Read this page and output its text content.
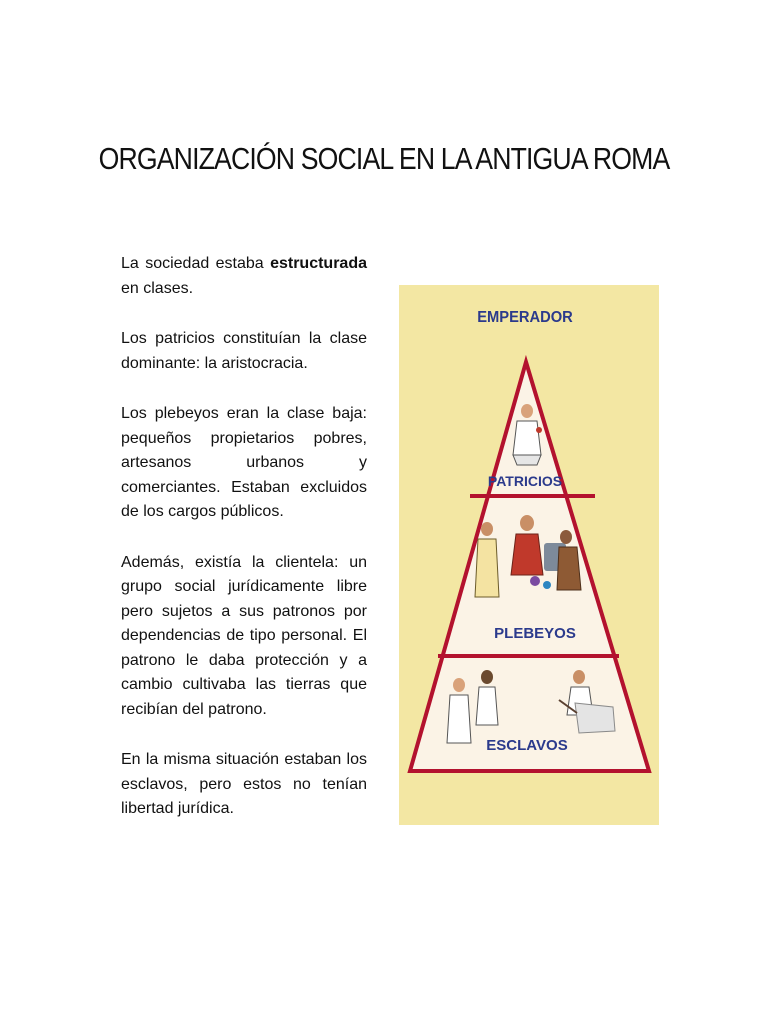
ORGANIZACIÓN SOCIAL EN LA ANTIGUA ROMA

La sociedad estaba estructurada en clases.

Los patricios constituían la clase dominante: la aristocracia.

Los plebeyos eran la clase baja: pequeños propietarios pobres, artesanos urbanos y comerciantes. Estaban excluidos de los cargos públicos.

Además, existía la clientela: un grupo social jurídicamente libre pero sujetos a sus patronos por dependencias de tipo personal. El patrono le daba protección y a cambio cultivaba las tierras que recibían del patrono.

En la misma situación estaban los esclavos, pero estos no tenían libertad jurídica.

EMPERADOR
PATRICIOS
PLEBEYOS
ESCLAVOS
